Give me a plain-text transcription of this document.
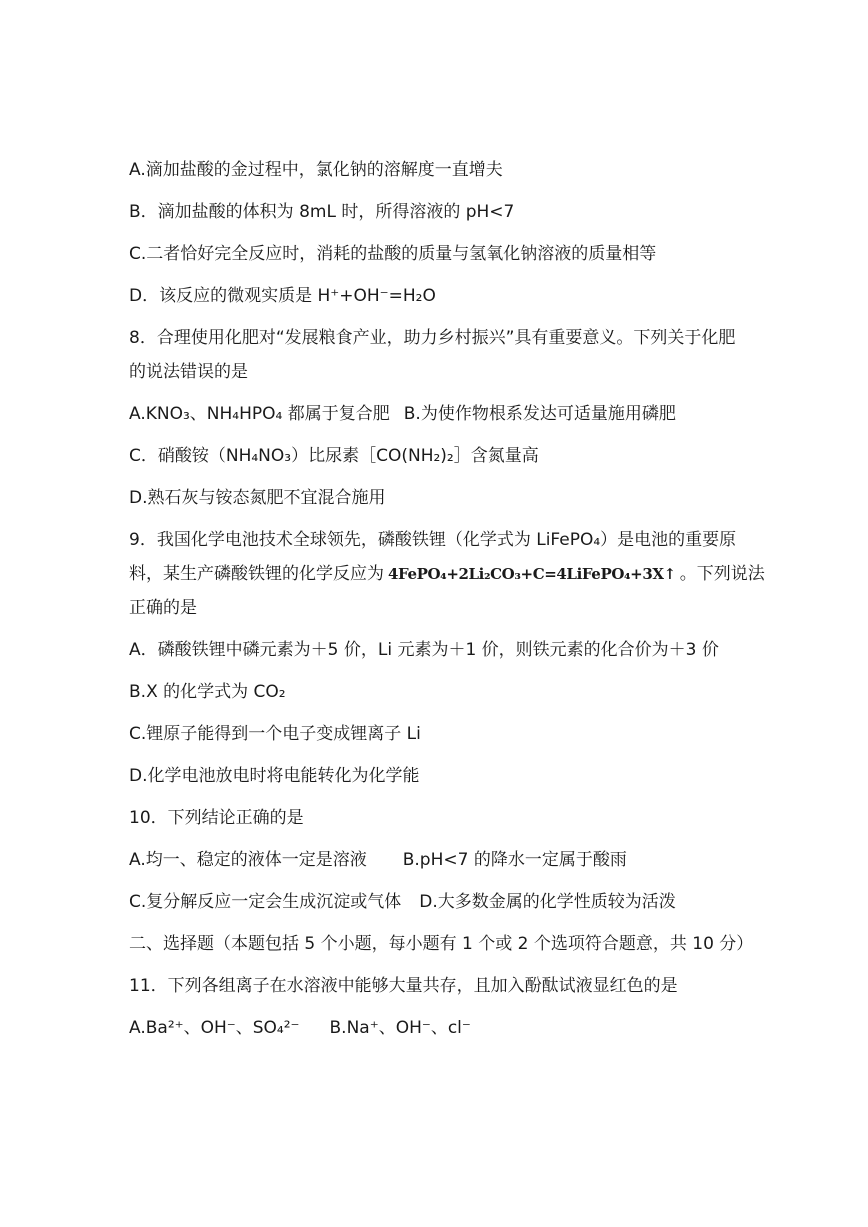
A.滴加盐酸的金过程中，氯化钠的溶解度一直增夫
B．滴加盐酸的体积为 8mL 时，所得溶液的 pH<7
C.二者恰好完全反应时，消耗的盐酸的质量与氢氧化钠溶液的质量相等
D．该反应的微观实质是 H⁺+OH⁻=H₂O
8．合理使用化肥对“发展粮食产业，助力乡村振兴”具有重要意义。下列关于化肥
的说法错误的是
A.KNO₃、NH₄HPO₄ 都属于复合肥 B.为使作物根系发达可适量施用磷肥
C．硝酸铵（NH₄NO₃）比尿素［CO(NH₂)₂］含氮量高
D.熟石灰与铵态氮肥不宜混合施用
9．我国化学电池技术全球领先，磷酸铁锂（化学式为 LiFePO₄）是电池的重要原
料，某生产磷酸铁锂的化学反应为 4FePO₄+2Li₂CO₃+C=4LiFePO₄+3X↑ 。下列说法
正确的是
A．磷酸铁锂中磷元素为＋5 价，Li 元素为＋1 价，则铁元素的化合价为＋3 价
B.X 的化学式为 CO₂
C.锂原子能得到一个电子变成锂离子 Li
D.化学电池放电时将电能转化为化学能
10．下列结论正确的是
A.均一、稳定的液体一定是溶液 B.pH<7 的降水一定属于酸雨
C.复分解反应一定会生成沉淀或气体 D.大多数金属的化学性质较为活泼
二、选择题（本题包括 5 个小题，每小题有 1 个或 2 个选项符合题意，共 10 分）
11．下列各组离子在水溶液中能够大量共存，且加入酚酞试液显红色的是
A.Ba²⁺、OH⁻、SO₄²⁻ B.Na⁺、OH⁻、cl⁻
